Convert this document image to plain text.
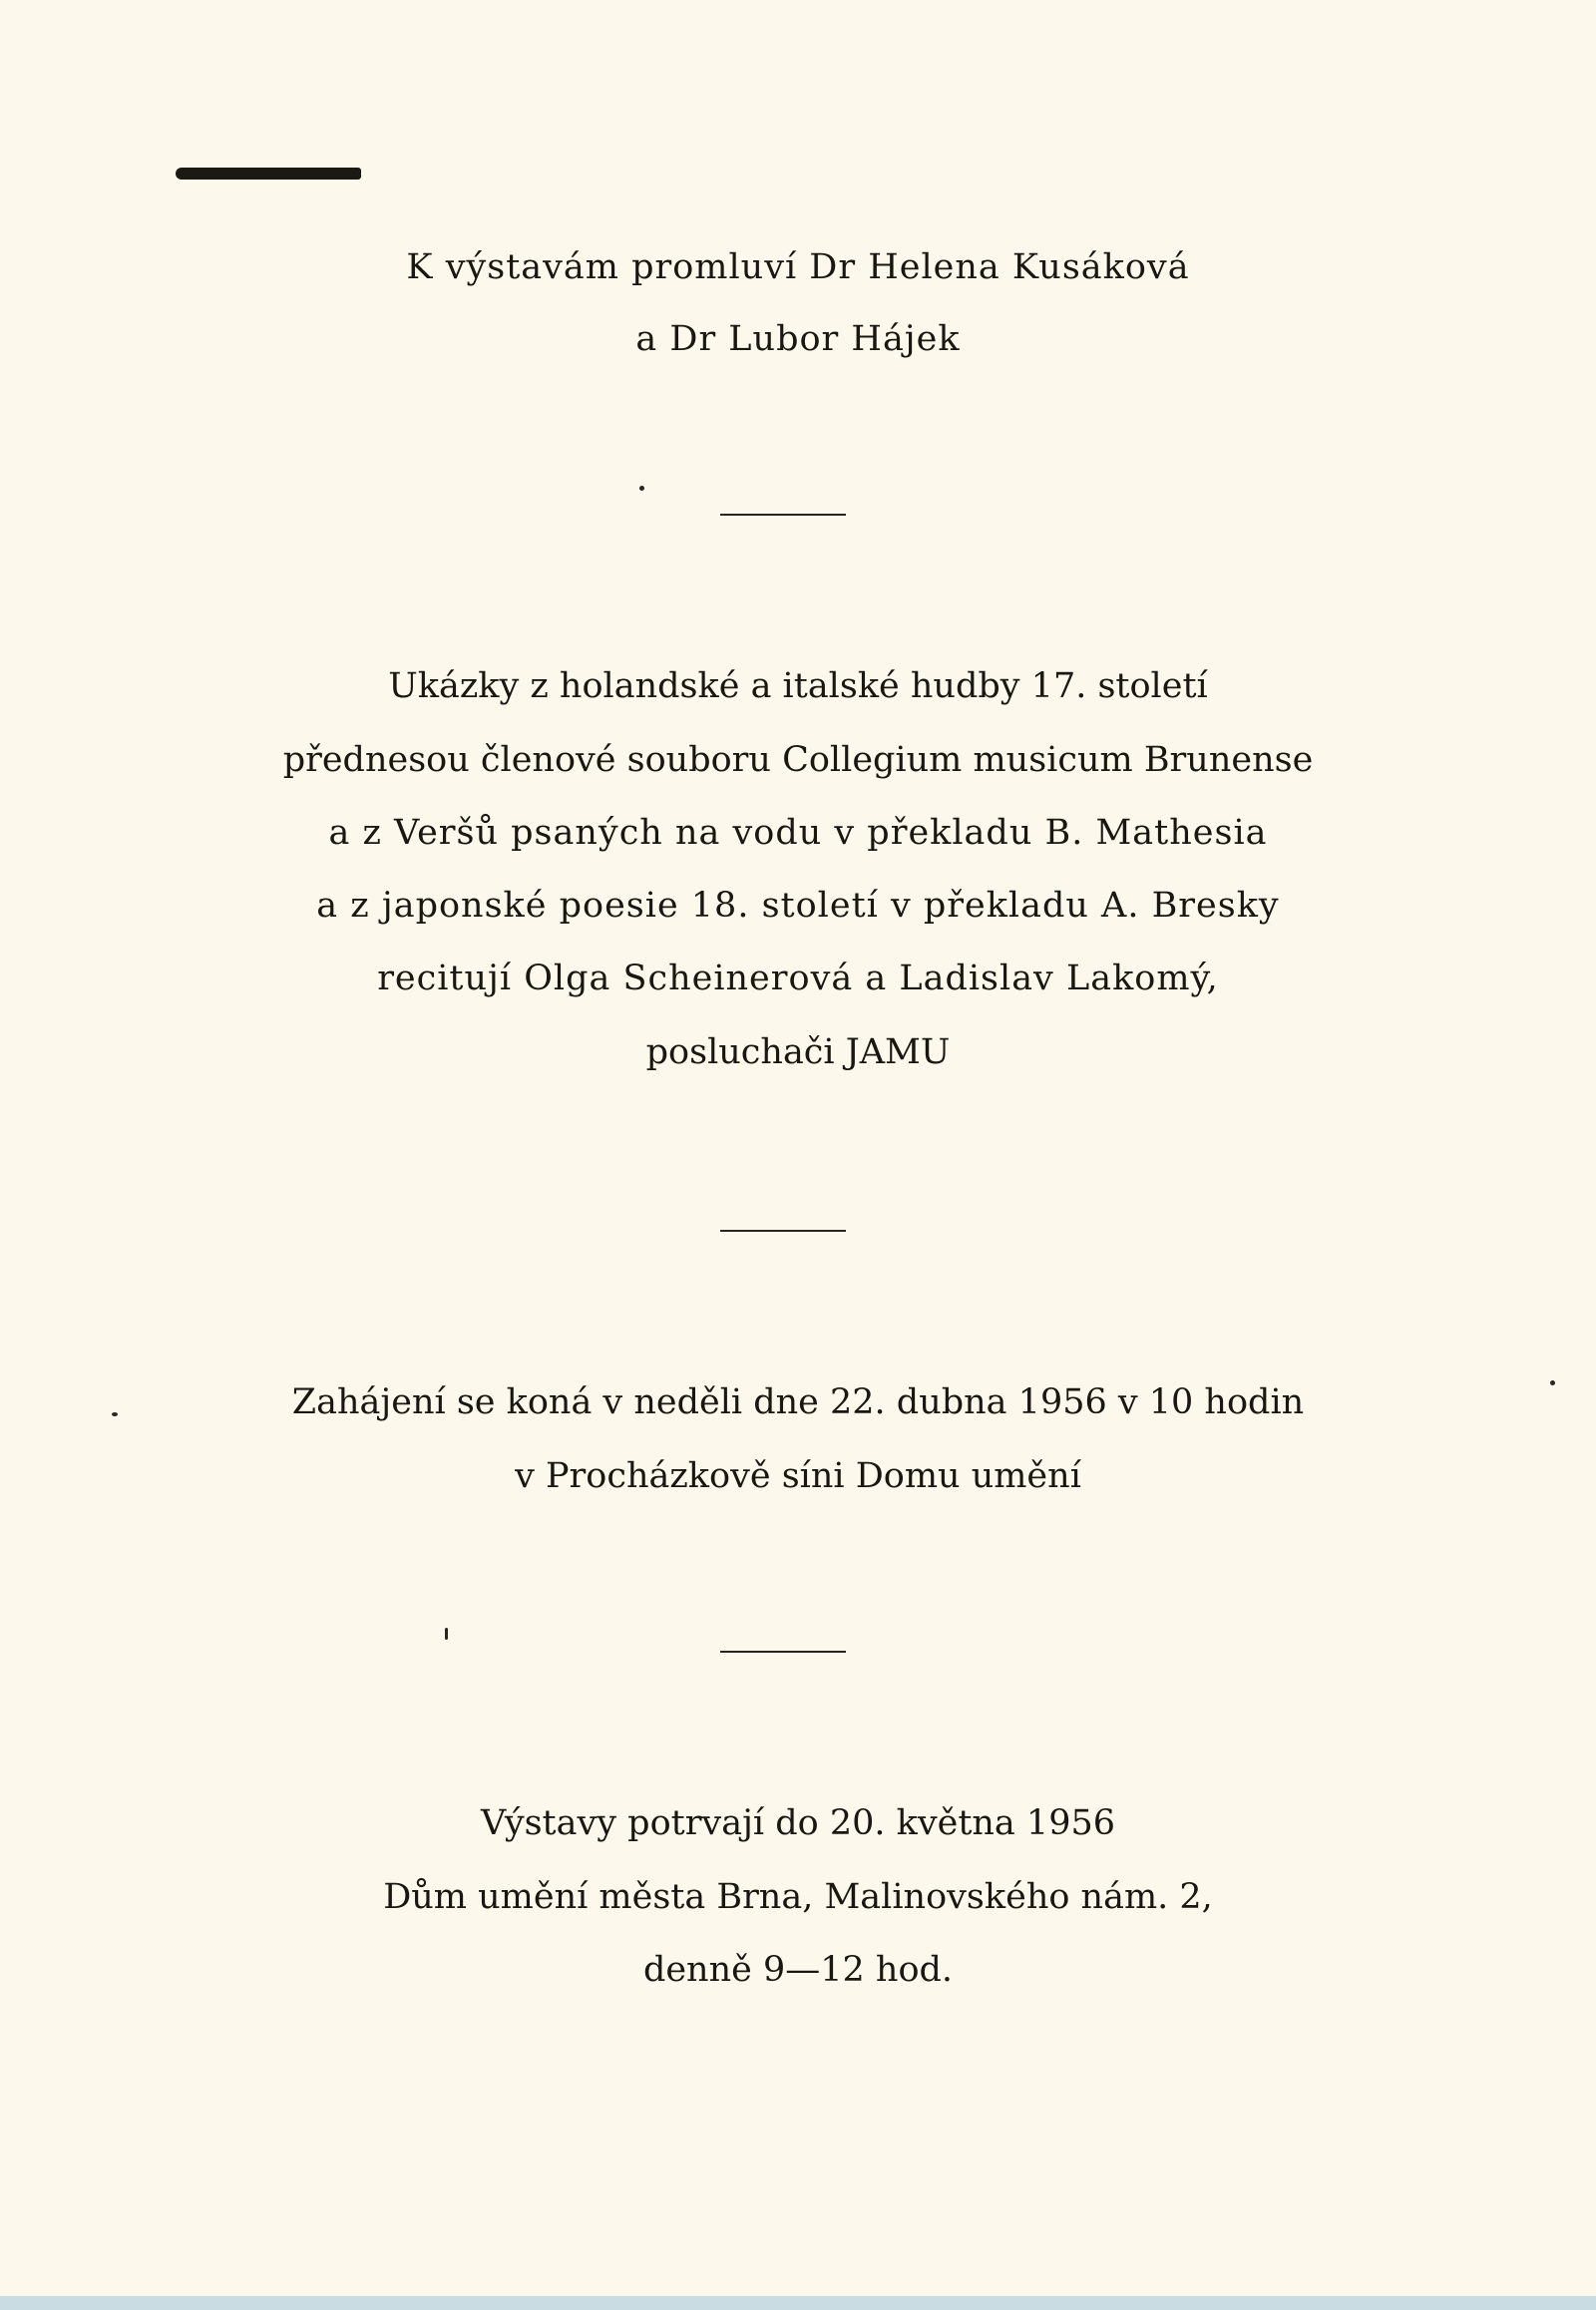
K výstavám promluví Dr Helena Kusáková
a Dr Lubor Hájek
Ukázky z holandské a italské hudby 17. století
přednesou členové souboru Collegium musicum Brunense
a z Veršů psaných na vodu v překladu B. Mathesia
a z japonské poesie 18. století v překladu A. Bresky
recitují Olga Scheinerová a Ladislav Lakomý,
posluchači JAMU
Zahájení se koná v neděli dne 22. dubna 1956 v 10 hodin
v Procházkově síni Domu umění
Výstavy potrvají do 20. května 1956
Dům umění města Brna, Malinovského nám. 2,
denně 9—12 hod.
